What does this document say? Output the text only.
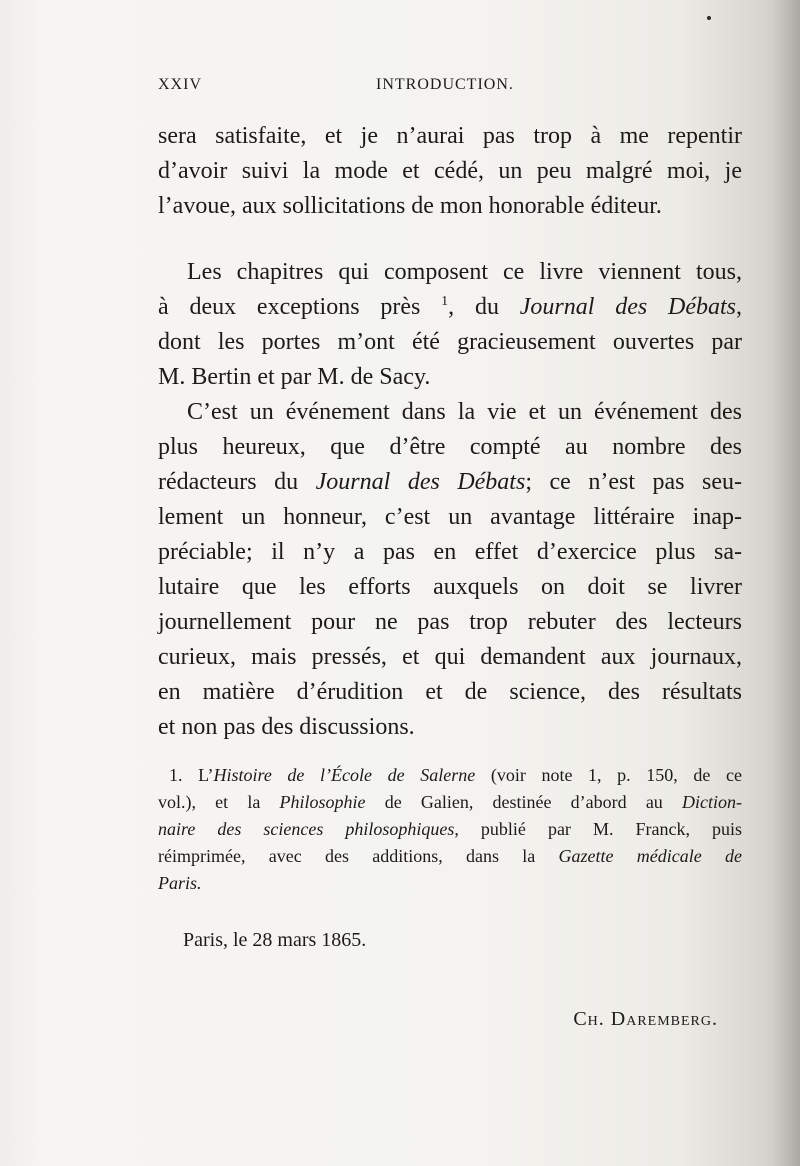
XXIV	INTRODUCTION.
sera satisfaite, et je n’aurai pas trop à me repentir
d’avoir suivi la mode et cédé, un peu malgré moi, je
l’avoue, aux sollicitations de mon honorable éditeur.
Les chapitres qui composent ce livre viennent tous,
à deux exceptions près $^1$, du Journal des Débats,
dont les portes m’ont été gracieusement ouvertes par
M. Bertin et par M. de Sacy.
C’est un événement dans la vie et un événement des
plus heureux, que d’être compté au nombre des
rédacteurs du Journal des Débats; ce n’est pas seu-
lement un honneur, c’est un avantage littéraire inap-
préciable; il n’y a pas en effet d’exercice plus sa-
lutaire que les efforts auxquels on doit se livrer
journellement pour ne pas trop rebuter des lecteurs
curieux, mais pressés, et qui demandent aux journaux,
en matière d’érudition et de science, des résultats
et non pas des discussions.
1. L’Histoire de l’École de Salerne (voir note 1, p. 150, de ce
vol.), et la Philosophie de Galien, destinée d’abord au Diction-
naire des sciences philosophiques, publié par M. Franck, puis
réimprimée, avec des additions, dans la Gazette médicale de
Paris.
Paris, le 28 mars 1865.
Ch. Daremberg.
